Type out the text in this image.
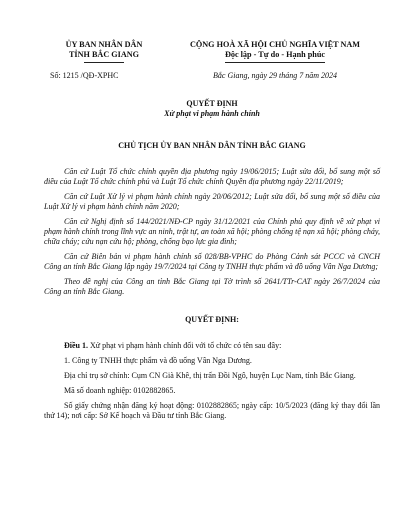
ỦY BAN NHÂN DÂN
TỈNH BẮC GIANG
CỘNG HOÀ XÃ HỘI CHỦ NGHĨA VIỆT NAM
Độc lập - Tự do - Hạnh phúc
Số: 1215 /QĐ-XPHC	Bắc Giang, ngày 29 tháng 7 năm 2024
QUYẾT ĐỊNH
Xử phạt vi phạm hành chính
CHỦ TỊCH ỦY BAN NHÂN DÂN TỈNH BẮC GIANG

Căn cứ Luật Tổ chức chính quyền địa phương ngày 19/06/2015; Luật sửa đổi, bổ sung một số điều của Luật Tổ chức chính phủ và Luật Tổ chức chính Quyền địa phương ngày 22/11/2019;

Căn cứ Luật Xử lý vi phạm hành chính ngày 20/06/2012; Luật sửa đổi, bổ sung một số điều của Luật Xử lý vi phạm hành chính năm 2020;

Căn cứ Nghị định số 144/2021/NĐ-CP ngày 31/12/2021 của Chính phủ quy định về xử phạt vi phạm hành chính trong lĩnh vực an ninh, trật tự, an toàn xã hội; phòng chống tệ nạn xã hội; phòng cháy, chữa cháy; cứu nạn cứu hộ; phòng, chống bạo lực gia đình;

Căn cứ Biên bản vi phạm hành chính số 028/BB-VPHC do Phòng Cảnh sát PCCC và CNCH Công an tỉnh Bắc Giang lập ngày 19/7/2024 tại Công ty TNHH thực phẩm và đồ uống Vân Nga Dương;

Theo đề nghị của Công an tỉnh Bắc Giang tại Tờ trình số 2641/TTr-CAT ngày 26/7/2024 của Công an tỉnh Bắc Giang.

QUYẾT ĐỊNH:

Điều 1. Xử phạt vi phạm hành chính đối với tổ chức có tên sau đây:

1. Công ty TNHH thực phẩm và đồ uống Vân Nga Dương.

Địa chỉ trụ sở chính: Cụm CN Già Khê, thị trấn Đồi Ngô, huyện Lục Nam, tỉnh Bắc Giang.

Mã số doanh nghiệp: 0102882865.

Số giấy chứng nhận đăng ký hoạt động: 0102882865; ngày cấp: 10/5/2023 (đăng ký thay đổi lần thứ 14); nơi cấp: Sở Kế hoạch và Đầu tư tỉnh Bắc Giang.
